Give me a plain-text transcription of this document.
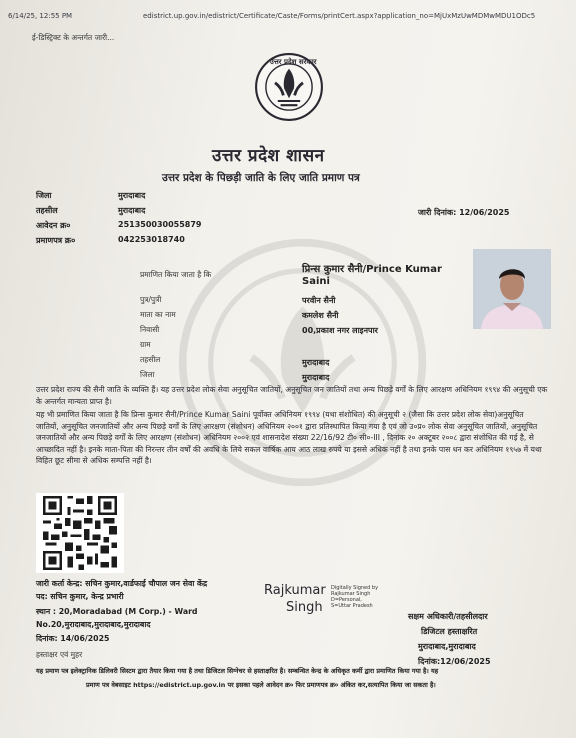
6/14/25, 12:55 PM	edistrict.up.gov.in/edistrict/Certificate/Caste/Forms/printCert.aspx?application_no=MjUxMzUwMDMwMDU1ODc5
ई-डिस्ट्रिक्ट के अन्तर्गत जारी...
उत्तर प्रदेश सरकार
उत्तर प्रदेश शासन
उत्तर प्रदेश के पिछड़ी जाति के लिए जाति प्रमाण पत्र
जिला	मुरादाबाद
तहसील	मुरादाबाद
आवेदन क्र०	251350030055879
प्रमाणपत्र क्र०	042253018740
जारी दिनांक: 12/06/2025
प्रमाणित किया जाता है कि	प्रिन्स कुमार सैनी/Prince Kumar Saini
पुत्र/पुत्री	परवीन सैनी
माता का नाम	कमलेश सैनी
निवासी	00,प्रकाश नगर लाइनपार
ग्राम
तहसील	मुरादाबाद
जिला	मुरादाबाद
उत्तर प्रदेश राज्य की सैनी जाति के व्यक्ति हैं। यह उत्तर प्रदेश लोक सेवा अनुसूचित जातियों, अनुसूचित जन जातियों तथा अन्य पिछड़े वर्गों के लिए आरक्षण अधिनियम १९९४ की अनुसूची एक के अन्तर्गत मान्यता प्राप्त है।
यह भी प्रमाणित किया जाता है कि प्रिन्स कुमार सैनी/Prince Kumar Saini पूर्वोक्त अधिनियम १९९४ (यथा संशोधित) की अनुसूची २ (जैसा कि उत्तर प्रदेश लोक सेवा)अनुसूचित जातियों, अनुसूचित जनजातियों और अन्य पिछड़े वर्गों के लिए आरक्षण (संशोधन) अधिनियम २००१ द्वारा प्रतिस्थापित किया गया है एवं जो उ०प्र० लोक सेवा अनुसूचित जातियों, अनुसूचित जनजातियों और अन्य पिछड़े वर्गों के लिए आरक्षण (संशोधन) अधिनियम २००२ एवं शासनादेश संख्या 22/16/92 टी० सी०-III , दिनांक २० अक्टूबर २००८ द्वारा संशोधित की गई है, से आच्छादित नहीं है। इनके माता-पिता की निरन्तर तीन वर्षों की अवधि के लिये सकल वार्षिक आय आठ लाख रुपये या इससे अधिक नहीं है तथा इनके पास धन कर अधिनियम १९५७ में यथा विहित छूट सीमा से अधिक सम्पत्ति नहीं है।
जारी कर्ता केन्द्र: सचिन कुमार,वार्डफाई चौपाल जन सेवा केंद्र
पद: सचिन कुमार, केन्द्र प्रभारी
स्थान : 20,Moradabad (M Corp.) - Ward
No.20,मुरादाबाद,मुरादाबाद,मुरादाबाद
दिनांक: 14/06/2025
हस्ताक्षर एवं मुहर
Rajkumar
Singh
Digitally Signed by
Rajkumar Singh
D=Personal,
S=Uttar Pradesh
सक्षम अधिकारी/तहसीलदार
डिजिटल हस्ताक्षरित
मुरादाबाद,मुरादाबाद
दिनांक:12/06/2025
यह प्रमाण पत्र इलेक्ट्रानिक डिलिवरी सिस्टम द्वारा तैयार किया गया है तथा डिजिटल सिग्नेचर से हस्ताक्षरित है। सम्बन्धित केन्द्र के अधिकृत कर्मी द्वारा प्रमाणित किया गया है। यह
प्रमाण पत्र वेबसाइट https://edistrict.up.gov.in पर इसका पहले आवेदन क्र० फिर प्रमाणपत्र क्र० अंकित कर,सत्यापित किया जा सकता है।
